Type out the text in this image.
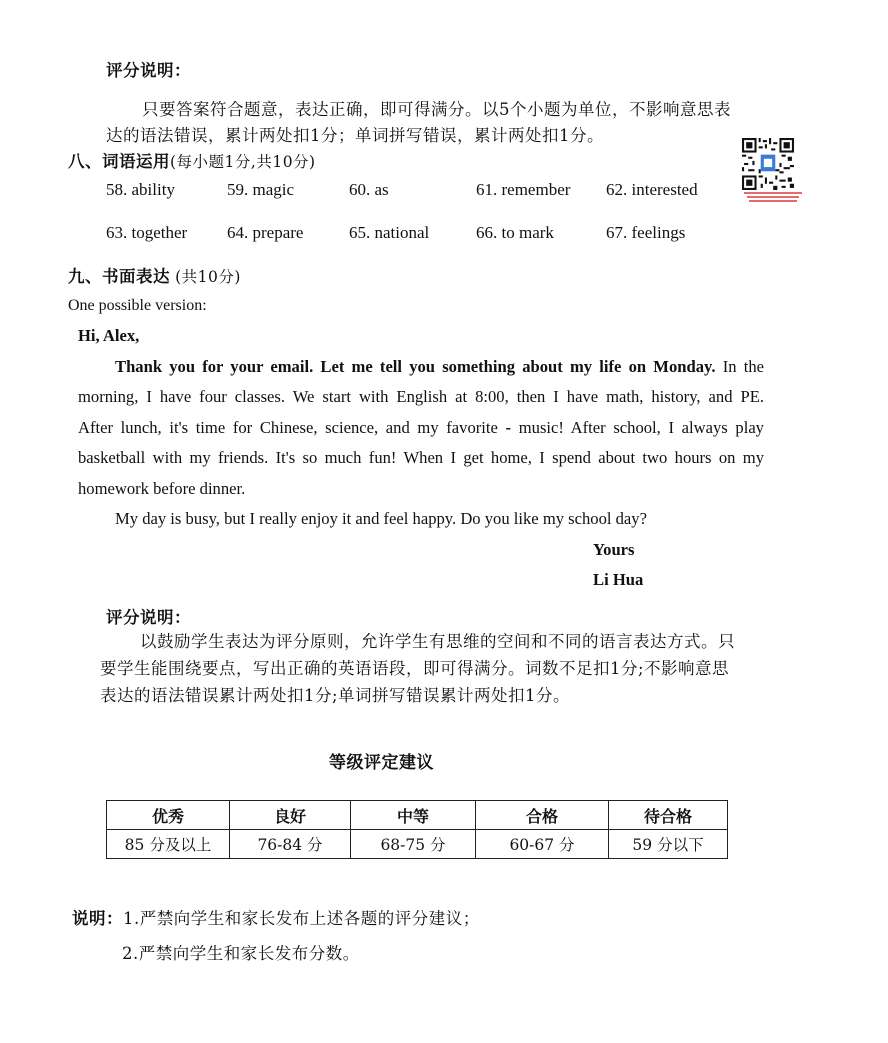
评分说明：
只要答案符合题意，表达正确，即可得满分。以5个小题为单位，不影响意思表
达的语法错误，累计两处扣1分；单词拼写错误，累计两处扣1分。
八、词语运用(每小题1分,共10分)
58. ability	59. magic	60. as	61. remember 62. interested
63. together 64. prepare	65. national	66. to mark	67. feelings
九、书面表达 (共10分)
One possible version:

Hi, Alex,

Thank you for your email. Let me tell you something about my life on Monday. In the

morning, I have four classes. We start with English at 8:00, then I have math, history, and PE.

After lunch, it's time for Chinese, science, and my favorite - music! After school, I always play

basketball with my friends. It's so much fun! When I get home, I spend about two hours on my

homework before dinner.

My day is busy, but I really enjoy it and feel happy. Do you like my school day?

Yours

Li Hua

评分说明：

以鼓励学生表达为评分原则，允许学生有思维的空间和不同的语言表达方式。只

要学生能围绕要点，写出正确的英语语段，即可得满分。词数不足扣1分;不影响意思

表达的语法错误累计两处扣1分;单词拼写错误累计两处扣1分。

等级评定建议
优秀	良好	中等	合格	待合格
85 分及以上	76-84 分	68-75 分	60-67 分	59 分以下
说明：1.严禁向学生和家长发布上述各题的评分建议；
2.严禁向学生和家长发布分数。
